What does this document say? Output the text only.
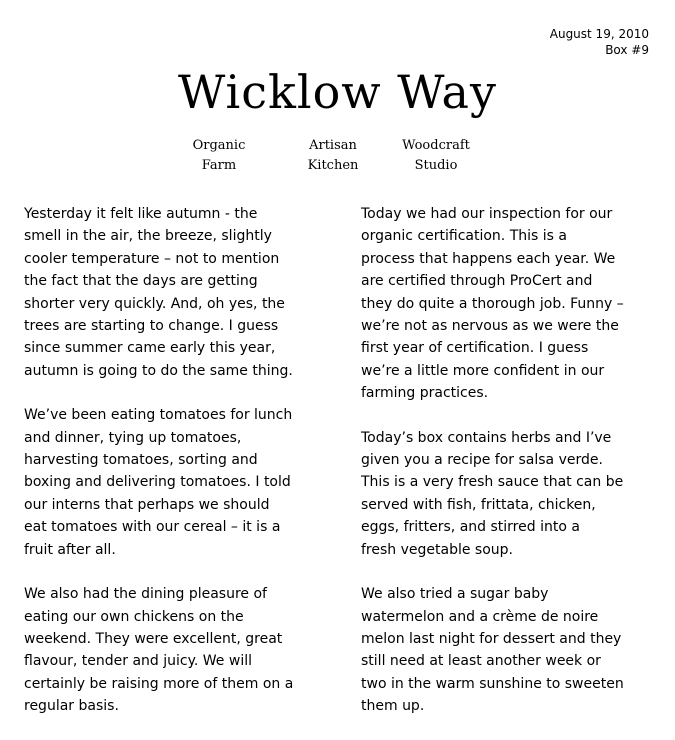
August 19, 2010
Box #9
Wicklow Way
Organic
Farm
Artisan
Kitchen
Woodcraft
Studio

Yesterday it felt like autumn - the
smell in the air, the breeze, slightly
cooler temperature – not to mention
the fact that the days are getting
shorter very quickly. And, oh yes, the
trees are starting to change. I guess
since summer came early this year,
autumn is going to do the same thing.

We’ve been eating tomatoes for lunch
and dinner, tying up tomatoes,
harvesting tomatoes, sorting and
boxing and delivering tomatoes. I told
our interns that perhaps we should
eat tomatoes with our cereal – it is a
fruit after all.

We also had the dining pleasure of
eating our own chickens on the
weekend. They were excellent, great
flavour, tender and juicy. We will
certainly be raising more of them on a
regular basis.

Today we had our inspection for our
organic certification. This is a
process that happens each year. We
are certified through ProCert and
they do quite a thorough job. Funny –
we’re not as nervous as we were the
first year of certification. I guess
we’re a little more confident in our
farming practices.

Today’s box contains herbs and I’ve
given you a recipe for salsa verde.
This is a very fresh sauce that can be
served with fish, frittata, chicken,
eggs, fritters, and stirred into a
fresh vegetable soup.

We also tried a sugar baby
watermelon and a crème de noire
melon last night for dessert and they
still need at least another week or
two in the warm sunshine to sweeten
them up.
